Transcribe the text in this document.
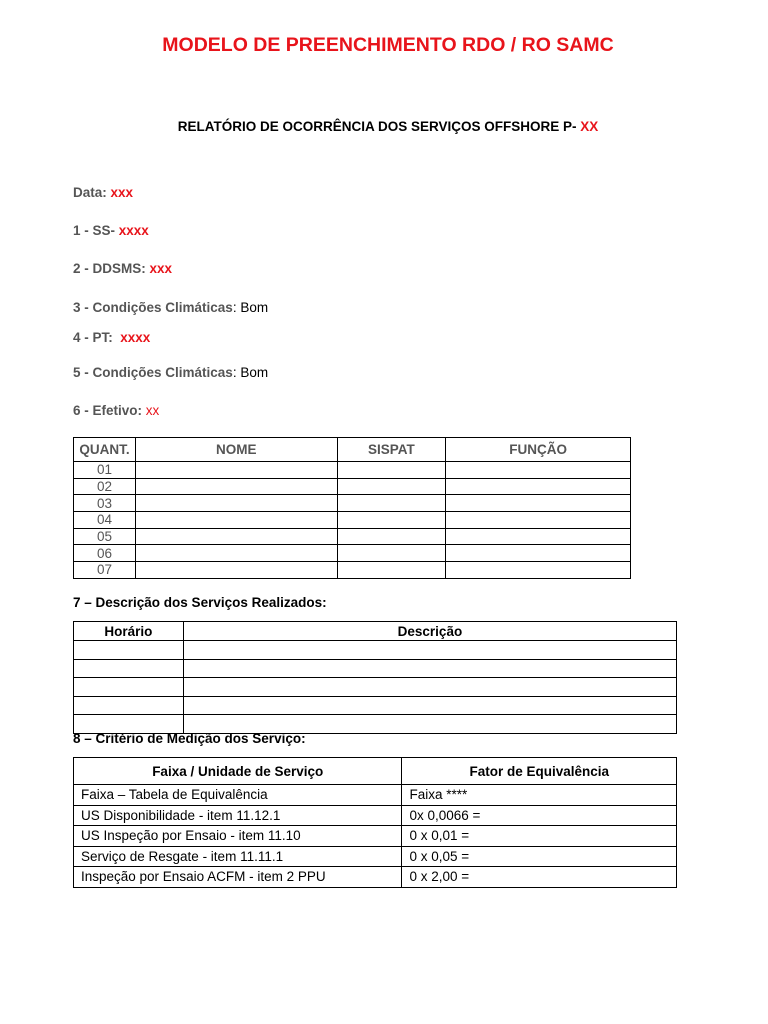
MODELO DE PREENCHIMENTO RDO / RO SAMC
RELATÓRIO DE OCORRÊNCIA DOS SERVIÇOS OFFSHORE P- XX
Data: xxx
1 - SS- xxxx
2 - DDSMS: xxx
3 - Condições Climáticas: Bom
4 - PT:  xxxx
5 - Condições Climáticas: Bom
6 - Efetivo: xx
QUANT.	NOME	SISPAT	FUNÇÃO
01			
02			
03			
04			
05			
06			
07			
7 – Descrição dos Serviços Realizados:
Horário	Descrição

8 – Critério de Medição dos Serviço:
Faixa / Unidade de Serviço	Fator de Equivalência
Faixa – Tabela de Equivalência	Faixa ****
US Disponibilidade - item 11.12.1	0x 0,0066 =
US Inspeção por Ensaio - item 11.10	0 x 0,01 =
Serviço de Resgate - item 11.11.1	0 x 0,05 =
Inspeção por Ensaio ACFM - item 2 PPU	0 x 2,00 =
